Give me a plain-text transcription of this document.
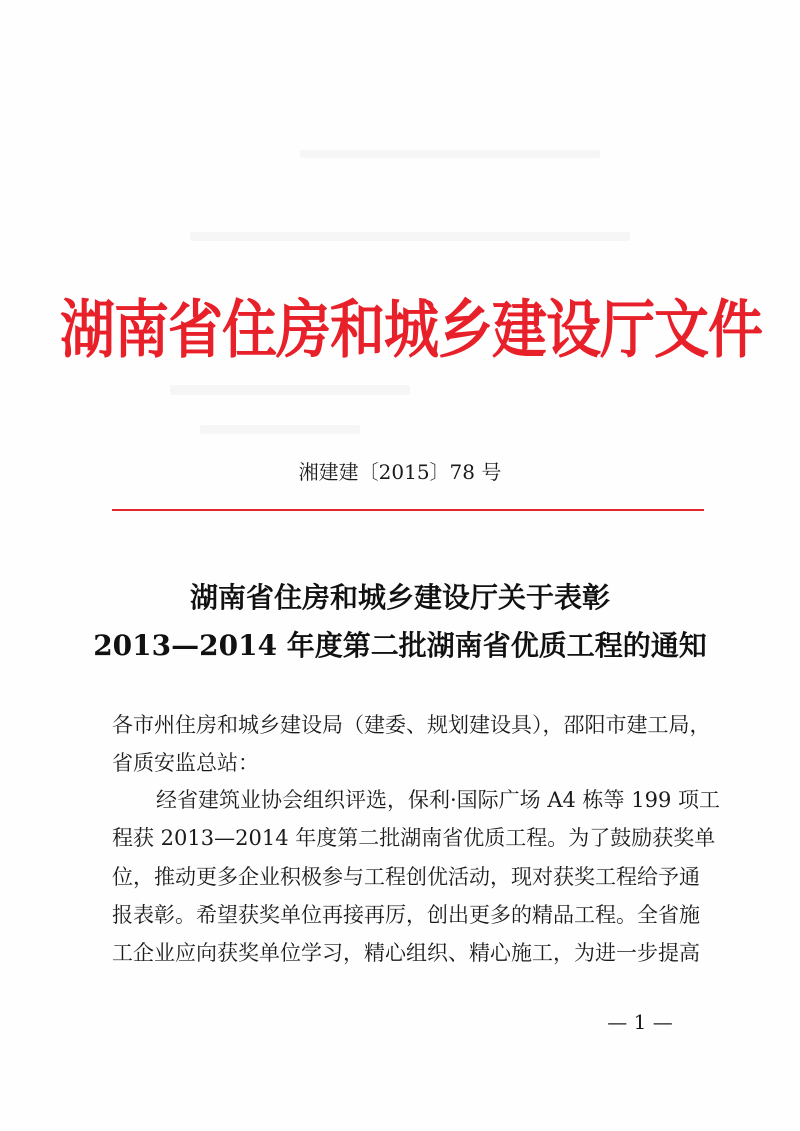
湖南省住房和城乡建设厅文件
湘建建〔2015〕78 号
湖南省住房和城乡建设厅关于表彰
2013—2014 年度第二批湖南省优质工程的通知
各市州住房和城乡建设局（建委、规划建设具），邵阳市建工局，
省质安监总站：
经省建筑业协会组织评选，保利·国际广场 A4 栋等 199 项工
程获 2013—2014 年度第二批湖南省优质工程。为了鼓励获奖单
位，推动更多企业积极参与工程创优活动，现对获奖工程给予通
报表彰。希望获奖单位再接再厉，创出更多的精品工程。全省施
工企业应向获奖单位学习，精心组织、精心施工，为进一步提高
— 1 —
